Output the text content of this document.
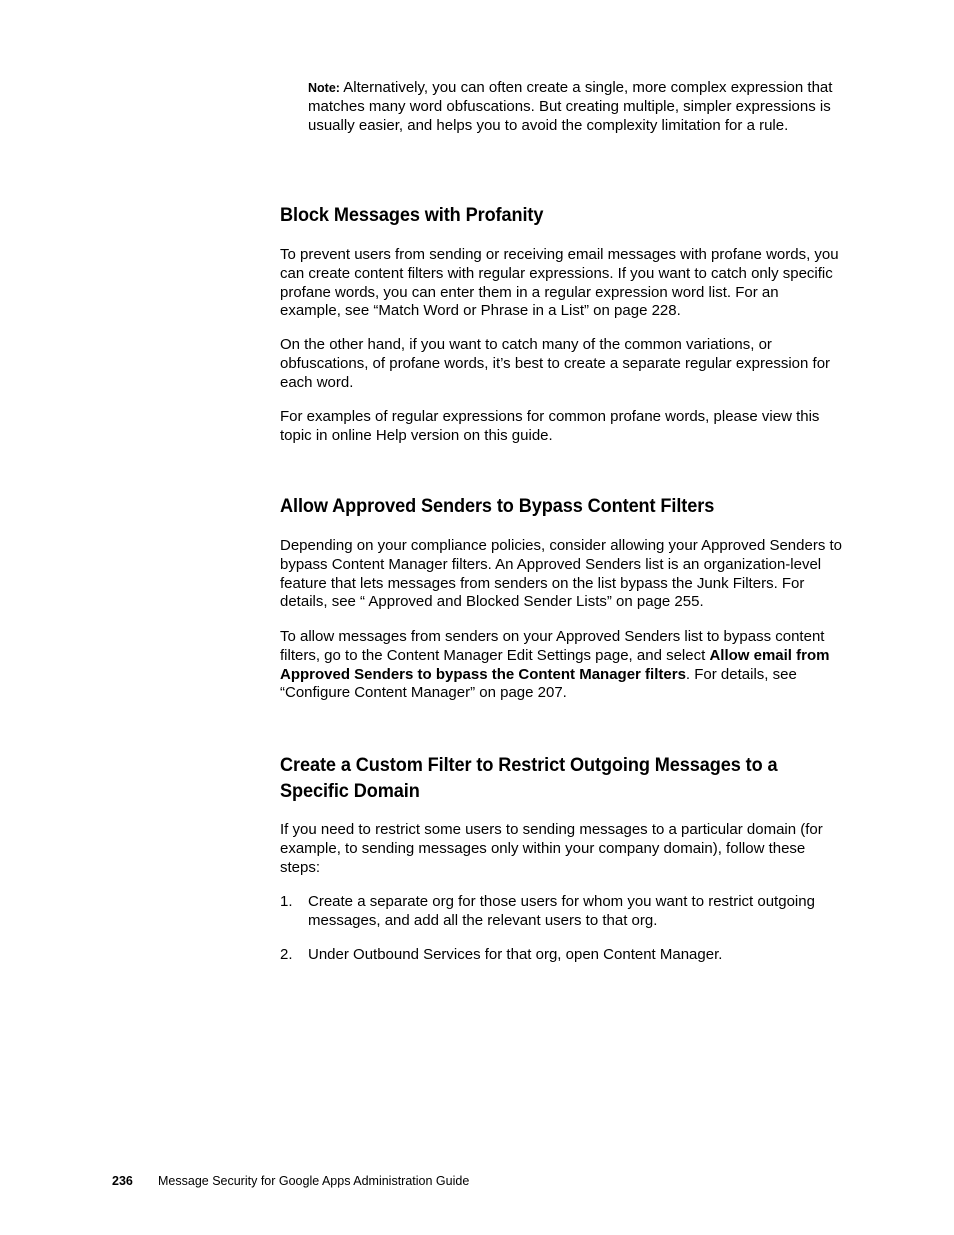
Note: Alternatively, you can often create a single, more complex expression that matches many word obfuscations. But creating multiple, simpler expressions is usually easier, and helps you to avoid the complexity limitation for a rule.

Block Messages with Profanity

To prevent users from sending or receiving email messages with profane words, you can create content filters with regular expressions. If you want to catch only specific profane words, you can enter them in a regular expression word list. For an example, see “Match Word or Phrase in a List” on page 228.

On the other hand, if you want to catch many of the common variations, or obfuscations, of profane words, it’s best to create a separate regular expression for each word.

For examples of regular expressions for common profane words, please view this topic in online Help version on this guide.

Allow Approved Senders to Bypass Content Filters

Depending on your compliance policies, consider allowing your Approved Senders to bypass Content Manager filters. An Approved Senders list is an organization-level feature that lets messages from senders on the list bypass the Junk Filters. For details, see “ Approved and Blocked Sender Lists” on page 255.

To allow messages from senders on your Approved Senders list to bypass content filters, go to the Content Manager Edit Settings page, and select Allow email from Approved Senders to bypass the Content Manager filters. For details, see “Configure Content Manager” on page 207.

Create a Custom Filter to Restrict Outgoing Messages to a Specific Domain

If you need to restrict some users to sending messages to a particular domain (for example, to sending messages only within your company domain), follow these steps:

1. Create a separate org for those users for whom you want to restrict outgoing messages, and add all the relevant users to that org.
2. Under Outbound Services for that org, open Content Manager.
236 Message Security for Google Apps Administration Guide
